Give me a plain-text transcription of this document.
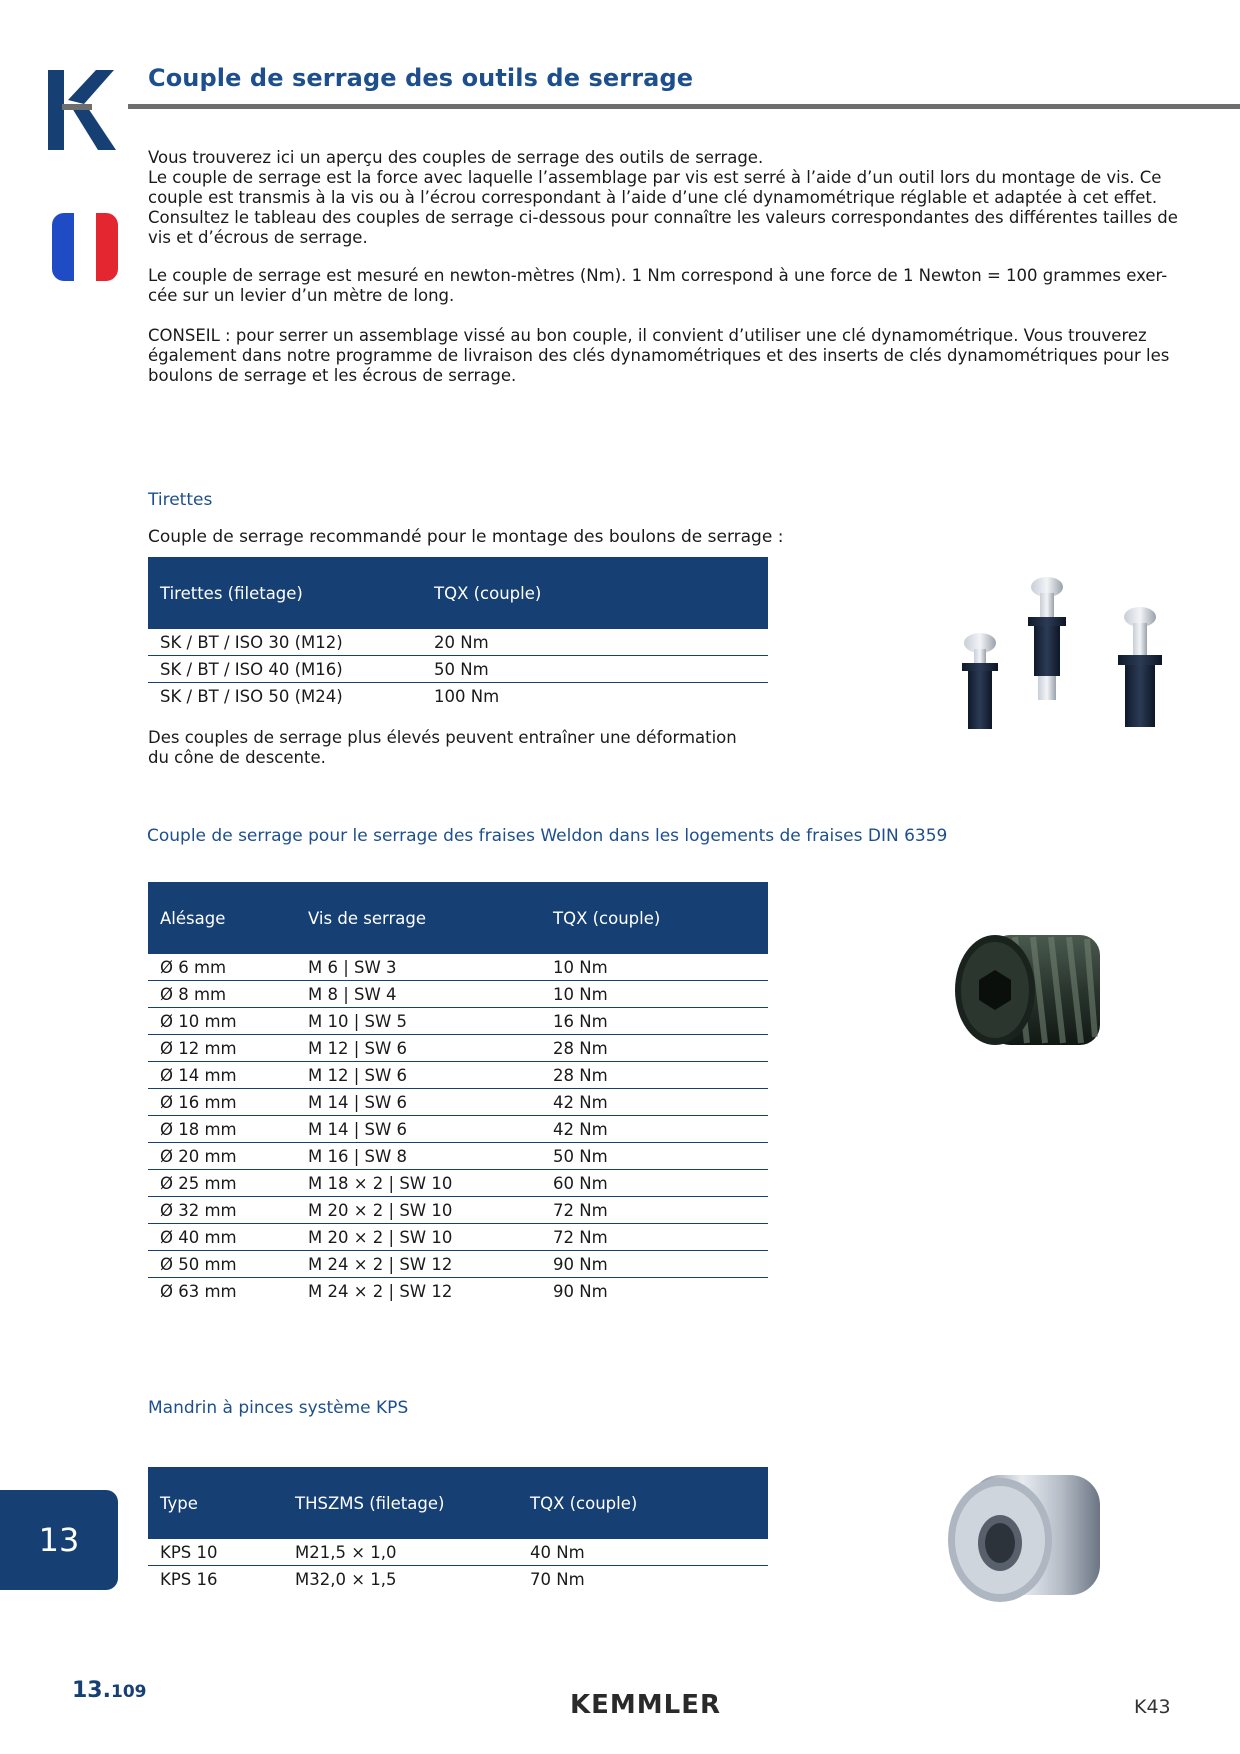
Couple de serrage des outils de serrage

Vous trouverez ici un aperçu des couples de serrage des outils de serrage.
Le couple de serrage est la force avec laquelle l’assemblage par vis est serré à l’aide d’un outil lors du montage de vis. Ce couple est transmis à la vis ou à l’écrou correspondant à l’aide d’une clé dynamométrique réglable et adaptée à cet effet. Consultez le tableau des couples de serrage ci-dessous pour connaître les valeurs correspondantes des différentes tailles de vis et d’écrous de serrage.

Le couple de serrage est mesuré en newton-mètres (Nm). 1 Nm correspond à une force de 1 Newton = 100 grammes exer-cée sur un levier d’un mètre de long.

CONSEIL : pour serrer un assemblage vissé au bon couple, il convient d’utiliser une clé dynamométrique. Vous trouverez également dans notre programme de livraison des clés dynamométriques et des inserts de clés dynamométriques pour les boulons de serrage et les écrous de serrage.

Tirettes
Couple de serrage recommandé pour le montage des boulons de serrage :
Tirettes (filetage)	TQX (couple)
SK / BT / ISO 30 (M12)	20 Nm
SK / BT / ISO 40 (M16)	50 Nm
SK / BT / ISO 50 (M24)	100 Nm

Des couples de serrage plus élevés peuvent entraîner une déformation du cône de descente.

Couple de serrage pour le serrage des fraises Weldon dans les logements de fraises DIN 6359
Alésage	Vis de serrage	TQX (couple)
Ø 6 mm	M 6 | SW 3	10 Nm
Ø 8 mm	M 8 | SW 4	10 Nm
Ø 10 mm	M 10 | SW 5	16 Nm
Ø 12 mm	M 12 | SW 6	28 Nm
Ø 14 mm	M 12 | SW 6	28 Nm
Ø 16 mm	M 14 | SW 6	42 Nm
Ø 18 mm	M 14 | SW 6	42 Nm
Ø 20 mm	M 16 | SW 8	50 Nm
Ø 25 mm	M 18 × 2 | SW 10	60 Nm
Ø 32 mm	M 20 × 2 | SW 10	72 Nm
Ø 40 mm	M 20 × 2 | SW 10	72 Nm
Ø 50 mm	M 24 × 2 | SW 12	90 Nm
Ø 63 mm	M 24 × 2 | SW 12	90 Nm
Mandrin à pinces système KPS
Type	THSZMS (filetage)	TQX (couple)
KPS 10	M21,5 × 1,0	40 Nm
KPS 16	M32,0 × 1,5	70 Nm
13
13.109	KEMMLER	K43
